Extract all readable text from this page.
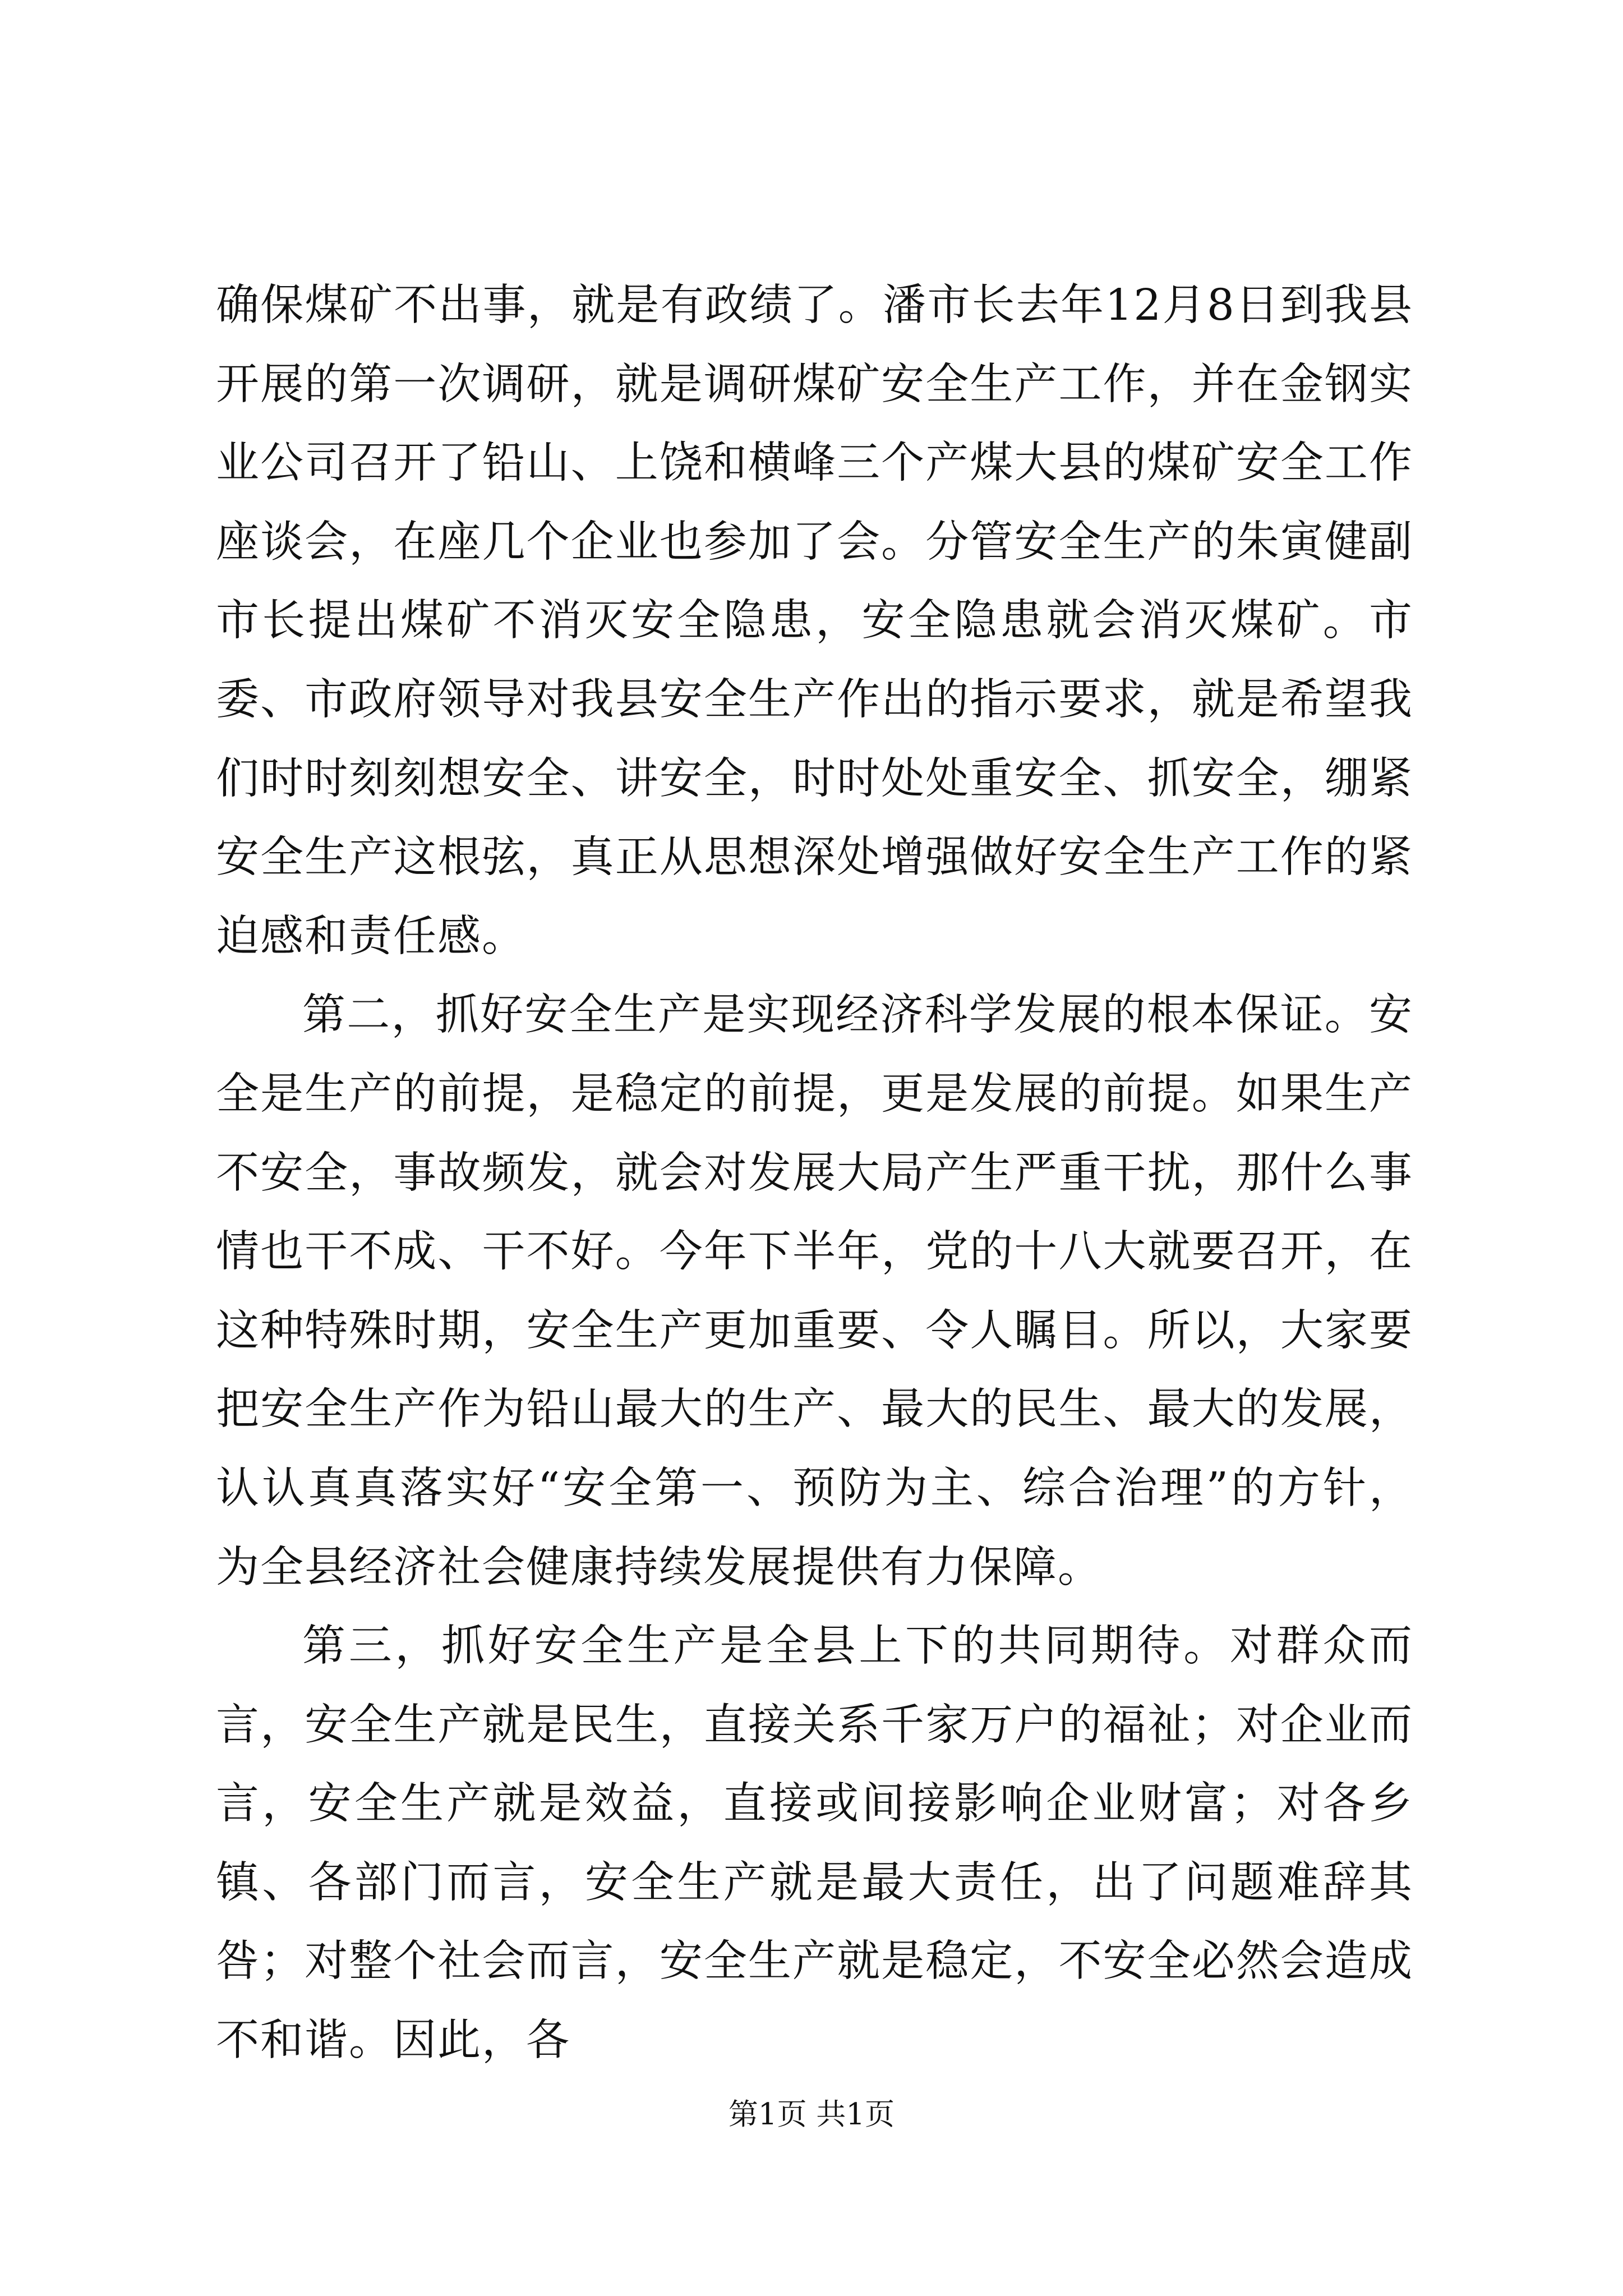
确保煤矿不出事，就是有政绩了。潘市长去年12月8日到我县开展的第一次调研，就是调研煤矿安全生产工作，并在金钢实业公司召开了铅山、上饶和横峰三个产煤大县的煤矿安全工作座谈会，在座几个企业也参加了会。分管安全生产的朱寅健副市长提出煤矿不消灭安全隐患，安全隐患就会消灭煤矿。市委、市政府领导对我县安全生产作出的指示要求，就是希望我们时时刻刻想安全、讲安全，时时处处重安全、抓安全，绷紧安全生产这根弦，真正从思想深处增强做好安全生产工作的紧迫感和责任感。

第二，抓好安全生产是实现经济科学发展的根本保证。安全是生产的前提，是稳定的前提，更是发展的前提。如果生产不安全，事故频发，就会对发展大局产生严重干扰，那什么事情也干不成、干不好。今年下半年，党的十八大就要召开，在这种特殊时期，安全生产更加重要、令人瞩目。所以，大家要把安全生产作为铅山最大的生产、最大的民生、最大的发展，认认真真落实好“安全第一、预防为主、综合治理”的方针，为全县经济社会健康持续发展提供有力保障。

第三，抓好安全生产是全县上下的共同期待。对群众而言，安全生产就是民生，直接关系千家万户的福祉；对企业而言，安全生产就是效益，直接或间接影响企业财富；对各乡镇、各部门而言，安全生产就是最大责任，出了问题难辞其咎；对整个社会而言，安全生产就是稳定，不安全必然会造成不和谐。因此，各

第1页 共1页
